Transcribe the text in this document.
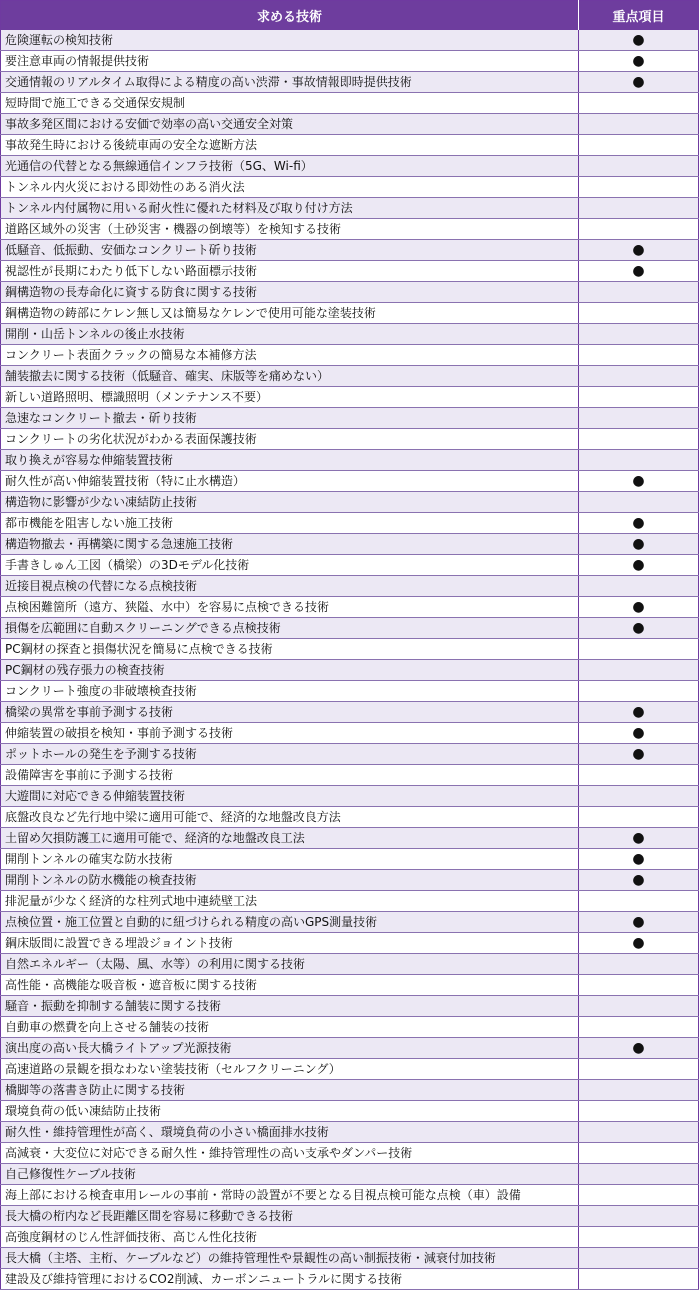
求める技術	重点項目
危険運転の検知技術	●
要注意車両の情報提供技術	●
交通情報のリアルタイム取得による精度の高い渋滞・事故情報即時提供技術	●
短時間で施工できる交通保安規制	
事故多発区間における安価で効率の高い交通安全対策	
事故発生時における後続車両の安全な遮断方法	
光通信の代替となる無線通信インフラ技術（5G、Wi-fi）	
トンネル内火災における即効性のある消火法	
トンネル内付属物に用いる耐火性に優れた材料及び取り付け方法	
道路区域外の災害（土砂災害・機器の倒壊等）を検知する技術	
低騒音、低振動、安価なコンクリート斫り技術	●
視認性が長期にわたり低下しない路面標示技術	●
鋼構造物の長寿命化に資する防食に関する技術	
鋼構造物の鋳部にケレン無し又は簡易なケレンで使用可能な塗装技術	
開削・山岳トンネルの後止水技術	
コンクリート表面クラックの簡易な本補修方法	
舗装撤去に関する技術（低騒音、確実、床版等を痛めない）	
新しい道路照明、標識照明（メンテナンス不要）	
急速なコンクリート撤去・斫り技術	
コンクリートの劣化状況がわかる表面保護技術	
取り換えが容易な伸縮装置技術	
耐久性が高い伸縮装置技術（特に止水構造）	●
構造物に影響が少ない凍結防止技術	
都市機能を阻害しない施工技術	●
構造物撤去・再構築に関する急速施工技術	●
手書きしゅん工図（橋梁）の3Dモデル化技術	●
近接目視点検の代替になる点検技術	
点検困難箇所（遠方、狭隘、水中）を容易に点検できる技術	●
損傷を広範囲に自動スクリーニングできる点検技術	●
PC鋼材の探査と損傷状況を簡易に点検できる技術	
PC鋼材の残存張力の検査技術	
コンクリート強度の非破壊検査技術	
橋梁の異常を事前予測する技術	●
伸縮装置の破損を検知・事前予測する技術	●
ポットホールの発生を予測する技術	●
設備障害を事前に予測する技術	
大遊間に対応できる伸縮装置技術	
底盤改良など先行地中梁に適用可能で、経済的な地盤改良方法	
土留め欠損防護工に適用可能で、経済的な地盤改良工法	●
開削トンネルの確実な防水技術	●
開削トンネルの防水機能の検査技術	●
排泥量が少なく経済的な柱列式地中連続壁工法	
点検位置・施工位置と自動的に紐づけられる精度の高いGPS測量技術	●
鋼床版間に設置できる埋設ジョイント技術	●
自然エネルギー（太陽、風、水等）の利用に関する技術	
高性能・高機能な吸音板・遮音板に関する技術	
騒音・振動を抑制する舗装に関する技術	
自動車の燃費を向上させる舗装の技術	
演出度の高い長大橋ライトアップ光源技術	●
高速道路の景観を損なわない塗装技術（セルフクリーニング）	
橋脚等の落書き防止に関する技術	
環境負荷の低い凍結防止技術	
耐久性・維持管理性が高く、環境負荷の小さい橋面排水技術	
高減衰・大変位に対応できる耐久性・維持管理性の高い支承やダンパー技術	
自己修復性ケーブル技術	
海上部における検査車用レールの事前・常時の設置が不要となる目視点検可能な点検（車）設備	
長大橋の桁内など長距離区間を容易に移動できる技術	
高強度鋼材のじん性評価技術、高じん性化技術	
長大橋（主塔、主桁、ケーブルなど）の維持管理性や景観性の高い制振技術・減衰付加技術	
建設及び維持管理におけるCO2削減、カーボンニュートラルに関する技術	
